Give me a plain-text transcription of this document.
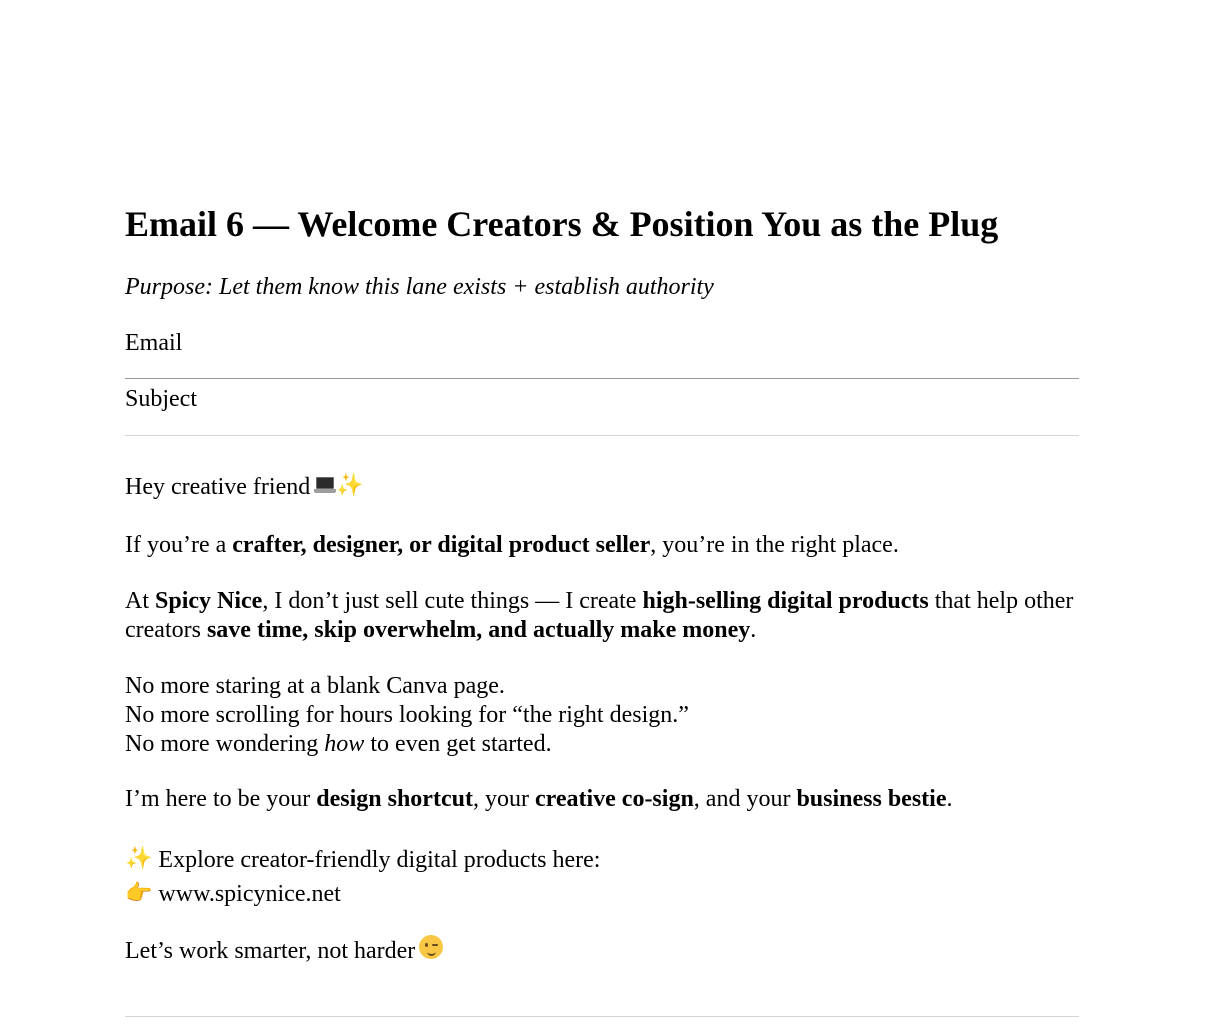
Email 6 — Welcome Creators & Position You as the Plug

Purpose: Let them know this lane exists + establish authority

Email
Subject

Hey creative friend ✨

If you’re a crafter, designer, or digital product seller, you’re in the right place.

At Spicy Nice, I don’t just sell cute things — I create high-selling digital products that help other creators save time, skip overwhelm, and actually make money.

No more staring at a blank Canva page.
No more scrolling for hours looking for “the right design.”
No more wondering how to even get started.

I’m here to be your design shortcut, your creative co-sign, and your business bestie.

✨ Explore creator-friendly digital products here:
👉 www.spicynice.net

Let’s work smarter, not harder
